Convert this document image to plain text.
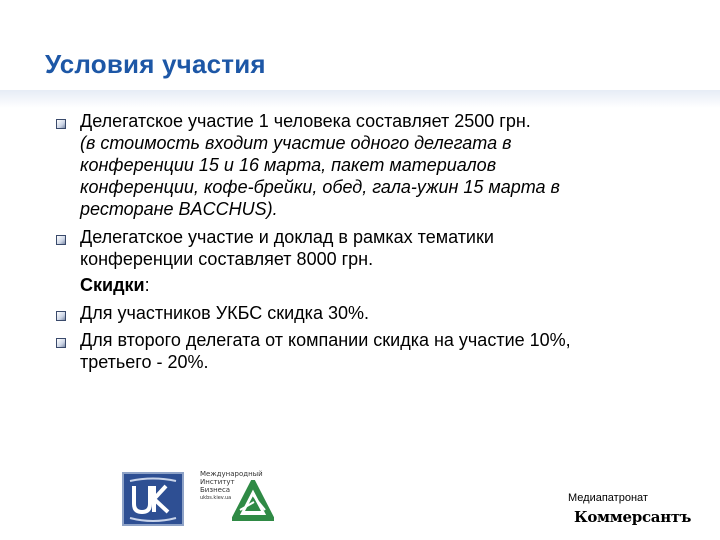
Условия участия
Делегатское участие 1 человека составляет 2500 грн.
(в стоимость входит участие одного делегата в
конференции 15 и 16 марта, пакет материалов
конференции, кофе-брейки, обед, гала-ужин 15 марта в
ресторане BACCHUS).
Делегатское участие и доклад в рамках тематики
конференции составляет 8000 грн.
Скидки:
Для участников УКБС скидка 30%.
Для второго делегата от компании скидка на участие 10%,
третьего - 20%.
Международный
Институт
Бизнеса
ukbs.kiev.ua	Медиапатронат
Коммерсантъ
